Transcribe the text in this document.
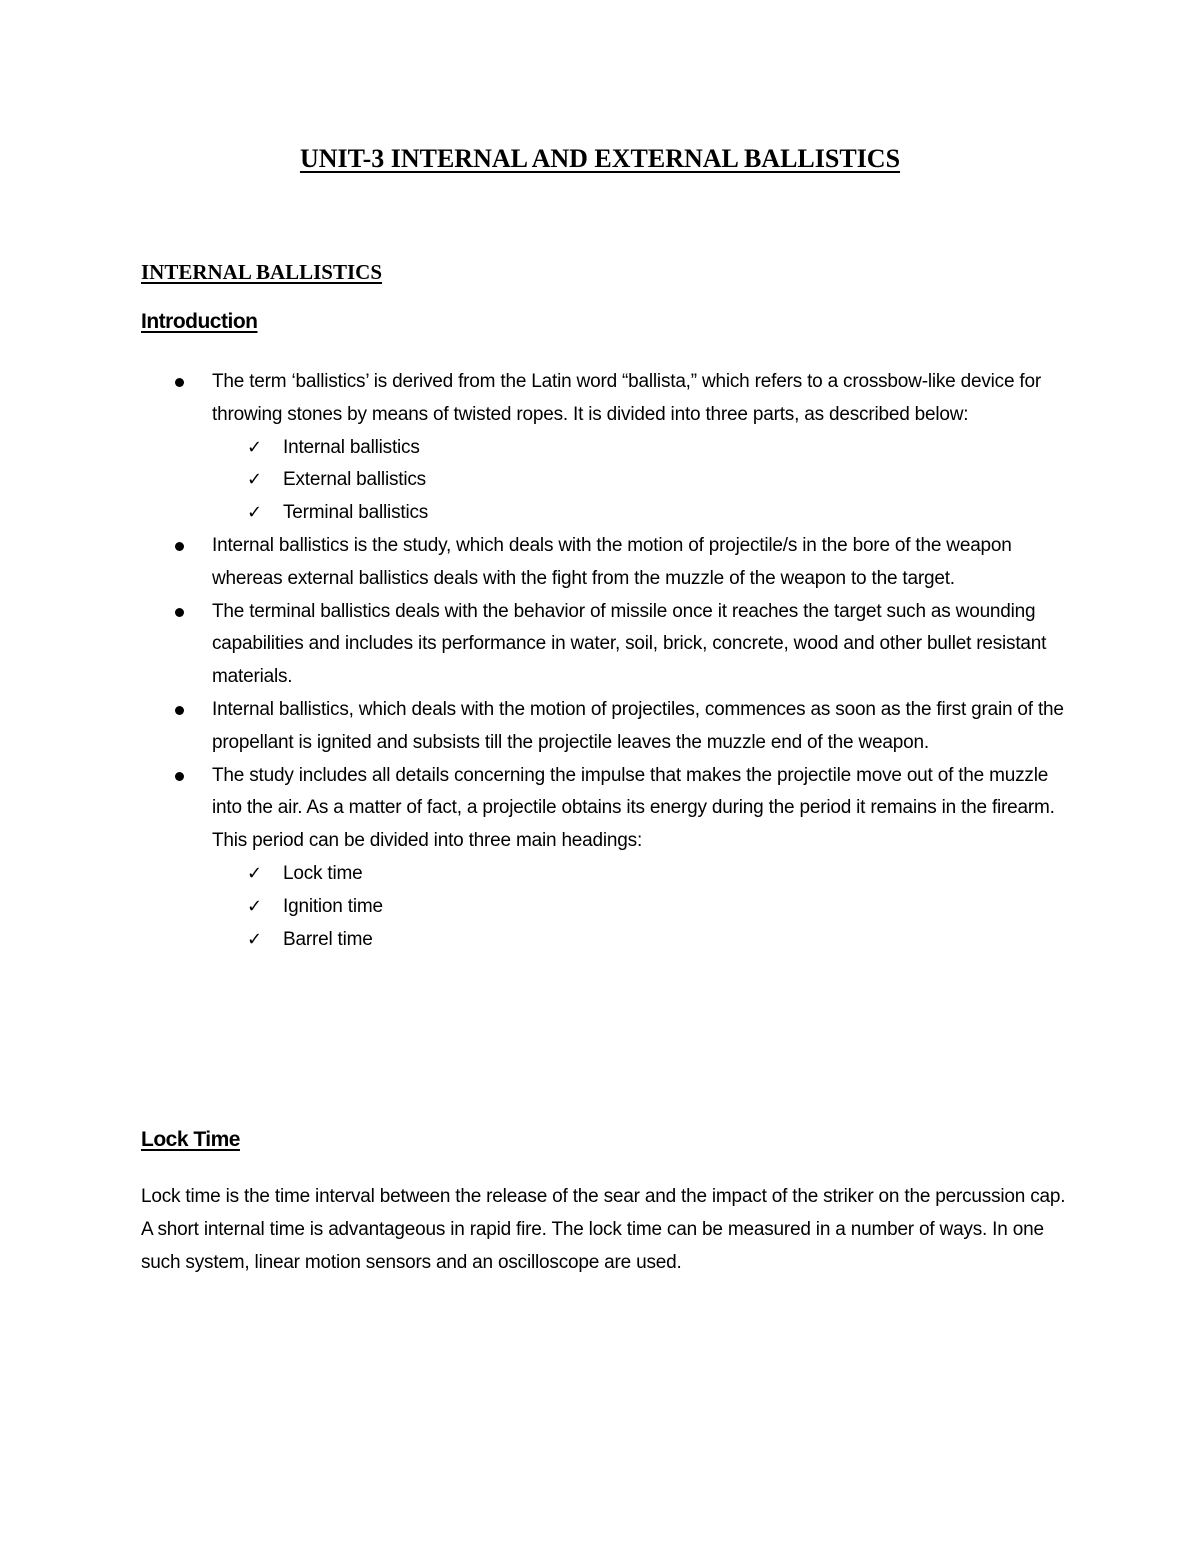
UNIT-3 INTERNAL AND EXTERNAL BALLISTICS
INTERNAL BALLISTICS
Introduction
The term ‘ballistics’ is derived from the Latin word “ballista,” which refers to a crossbow-like device for throwing stones by means of twisted ropes. It is divided into three parts, as described below:
✓ Internal ballistics
✓ External ballistics
✓ Terminal ballistics
Internal ballistics is the study, which deals with the motion of projectile/s in the bore of the weapon whereas external ballistics deals with the fight from the muzzle of the weapon to the target.
The terminal ballistics deals with the behavior of missile once it reaches the target such as wounding capabilities and includes its performance in water, soil, brick, concrete, wood and other bullet resistant materials.
Internal ballistics, which deals with the motion of projectiles, commences as soon as the first grain of the propellant is ignited and subsists till the projectile leaves the muzzle end of the weapon.
The study includes all details concerning the impulse that makes the projectile move out of the muzzle into the air. As a matter of fact, a projectile obtains its energy during the period it remains in the firearm. This period can be divided into three main headings:
✓ Lock time
✓ Ignition time
✓ Barrel time
Lock Time

Lock time is the time interval between the release of the sear and the impact of the striker on the percussion cap. A short internal time is advantageous in rapid fire. The lock time can be measured in a number of ways. In one such system, linear motion sensors and an oscilloscope are used.
